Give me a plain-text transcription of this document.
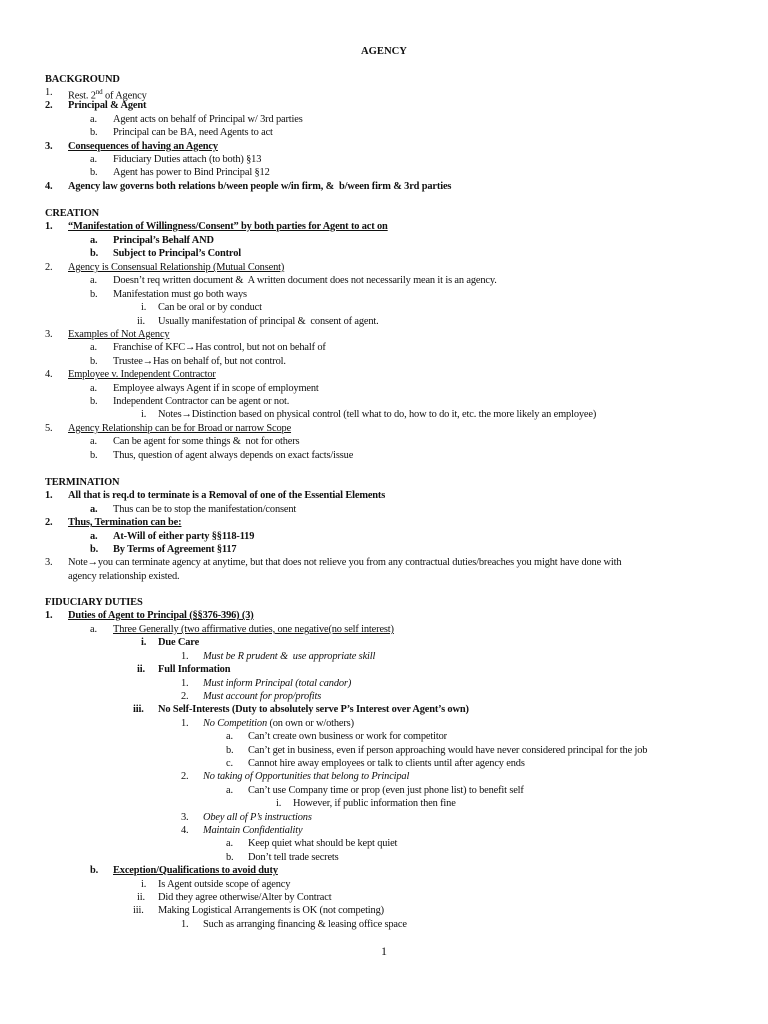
AGENCY
BACKGROUND
1. Rest. 2nd of Agency
2. Principal & Agent
a. Agent acts on behalf of Principal w/ 3rd parties
b. Principal can be BA, need Agents to act
3. Consequences of having an Agency
a. Fiduciary Duties attach (to both) §13
b. Agent has power to Bind Principal §12
4. Agency law governs both relations b/ween people w/in firm, &  b/ween firm & 3rd parties
CREATION
1. “Manifestation of Willingness/Consent” by both parties for Agent to act on
a. Principal’s Behalf AND
b. Subject to Principal’s Control
2. Agency is Consensual Relationship (Mutual Consent)
a. Doesn’t req written document &  A written document does not necessarily mean it is an agency.
b. Manifestation must go both ways
i. Can be oral or by conduct
ii. Usually manifestation of principal &  consent of agent.
3. Examples of Not Agency
a. Franchise of KFC→Has control, but not on behalf of
b. Trustee→Has on behalf of, but not control.
4. Employee v. Independent Contractor
a. Employee always Agent if in scope of employment
b. Independent Contractor can be agent or not.
i. Notes→Distinction based on physical control (tell what to do, how to do it, etc. the more likely an employee)
5. Agency Relationship can be for Broad or narrow Scope
a. Can be agent for some things &  not for others
b. Thus, question of agent always depends on exact facts/issue
TERMINATION
1. All that is req.d to terminate is a Removal of one of the Essential Elements
a. Thus can be to stop the manifestation/consent
2. Thus, Termination can be:
a. At-Will of either party §§118-119
b. By Terms of Agreement §117
3. Note→you can terminate agency at anytime, but that does not relieve you from any contractual duties/breaches you might have done with
agency relationship existed.
FIDUCIARY DUTIES
1. Duties of Agent to Principal (§§376-396) (3)
a. Three Generally (two affirmative duties, one negative(no self interest)
i. Due Care
1. Must be R prudent &  use appropriate skill
ii. Full Information
1. Must inform Principal (total candor)
2. Must account for prop/profits
iii. No Self-Interests (Duty to absolutely serve P’s Interest over Agent’s own)
1. No Competition (on own or w/others)
a. Can’t create own business or work for competitor
b. Can’t get in business, even if person approaching would have never considered principal for the job
c. Cannot hire away employees or talk to clients until after agency ends
2. No taking of Opportunities that belong to Principal
a. Can’t use Company time or prop (even just phone list) to benefit self
i. However, if public information then fine
3. Obey all of P’s instructions
4. Maintain Confidentiality
a. Keep quiet what should be kept quiet
b. Don’t tell trade secrets
b. Exception/Qualifications to avoid duty
i. Is Agent outside scope of agency
ii. Did they agree otherwise/Alter by Contract
iii. Making Logistical Arrangements is OK (not competing)
1. Such as arranging financing & leasing office space
1
